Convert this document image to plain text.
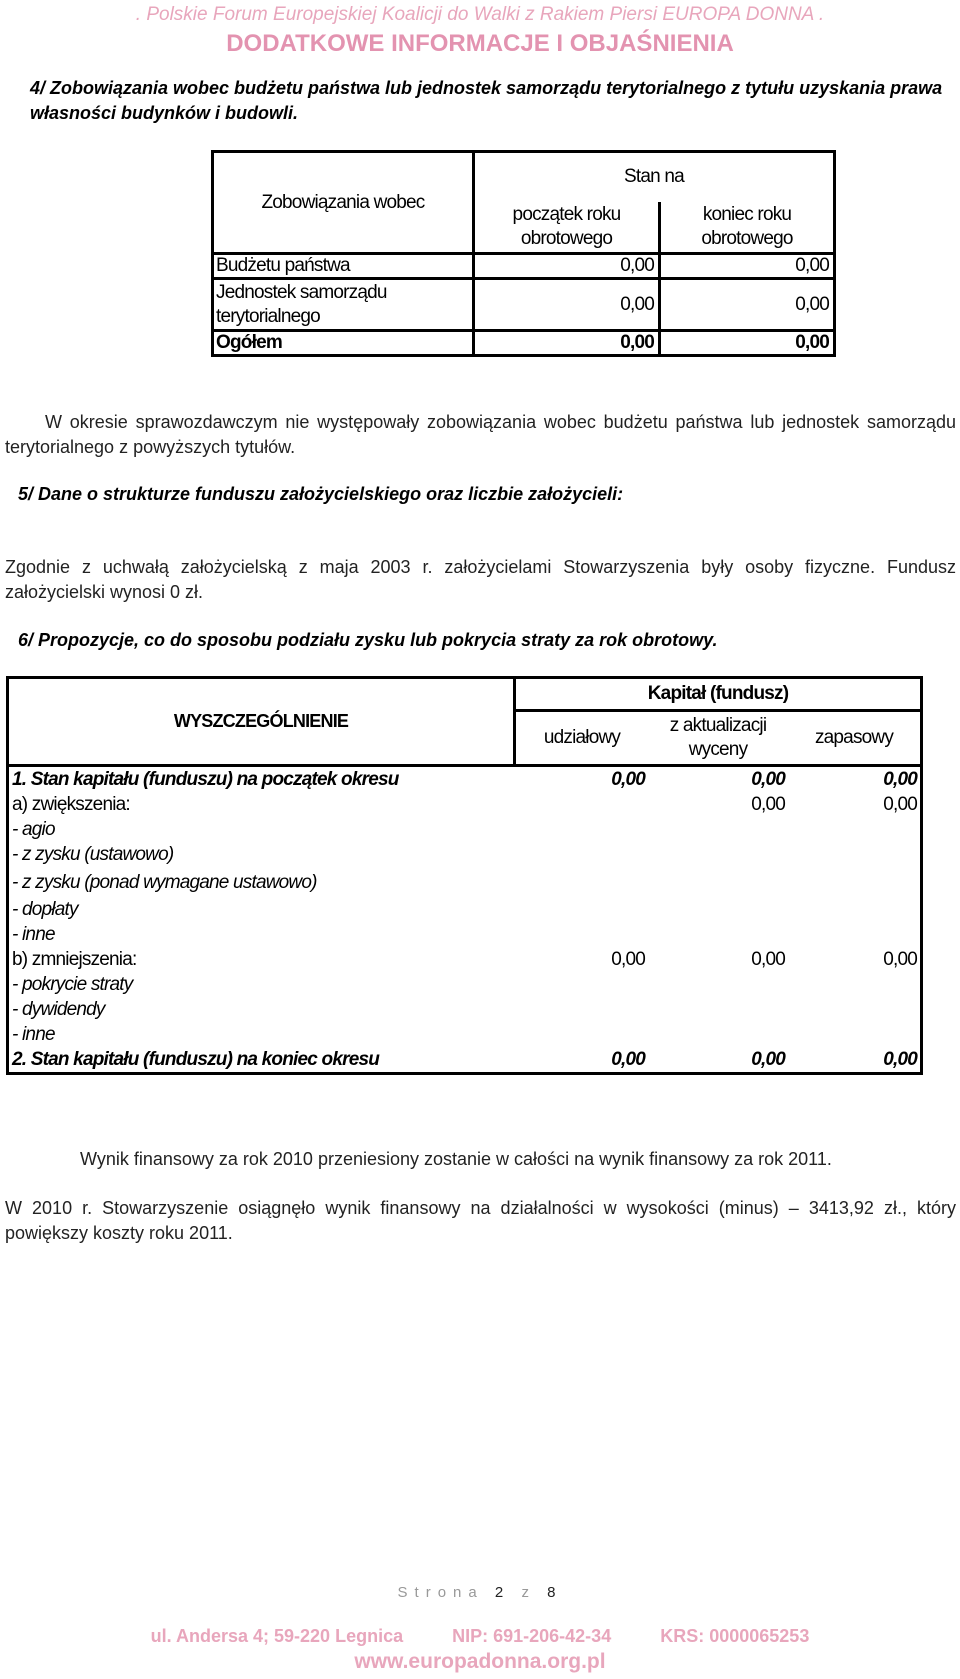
. Polskie Forum Europejskiej Koalicji do Walki z Rakiem Piersi EUROPA DONNA .
DODATKOWE INFORMACJE I OBJAŚNIENIA
4/ Zobowiązania wobec budżetu państwa lub jednostek samorządu terytorialnego z tytułu uzyskania prawa własności budynków i budowli.
Zobowiązania wobec	Stan na	
	początek roku obrotowego	koniec roku obrotowego
Budżetu państwa	0,00	0,00
Jednostek samorządu terytorialnego	0,00	0,00
Ogółem	0,00	0,00
W okresie sprawozdawczym nie występowały zobowiązania wobec budżetu państwa lub jednostek samorządu terytorialnego z powyższych tytułów.
5/ Dane o strukturze funduszu założycielskiego oraz liczbie założycieli:
Zgodnie z uchwałą założycielską z maja 2003 r. założycielami Stowarzyszenia były osoby fizyczne. Fundusz założycielski wynosi 0 zł.
6/ Propozycje, co do sposobu podziału zysku lub pokrycia straty za rok obrotowy.
WYSZCZEGÓLNIENIE	Kapitał (fundusz)		
	udziałowy	z aktualizacji wyceny	zapasowy
1. Stan kapitału (funduszu) na początek okresu	0,00	0,00	0,00
a) zwiększenia:		0,00	0,00
- agio			
- z zysku (ustawowo)			
- z zysku (ponad wymagane ustawowo)			
- dopłaty			
- inne			
b) zmniejszenia:	0,00	0,00	0,00
- pokrycie straty			
- dywidendy			
- inne			
2. Stan kapitału (funduszu) na koniec okresu	0,00	0,00	0,00
Wynik finansowy za rok 2010 przeniesiony zostanie w całości na wynik finansowy za rok 2011.
W 2010 r. Stowarzyszenie osiągnęło wynik finansowy na działalności w wysokości (minus) – 3413,92 zł., który powiększy koszty roku 2011.
Strona 2 z 8
ul. Andersa 4; 59-220 Legnica	NIP: 691-206-42-34	KRS: 0000065253
www.europadonna.org.pl
